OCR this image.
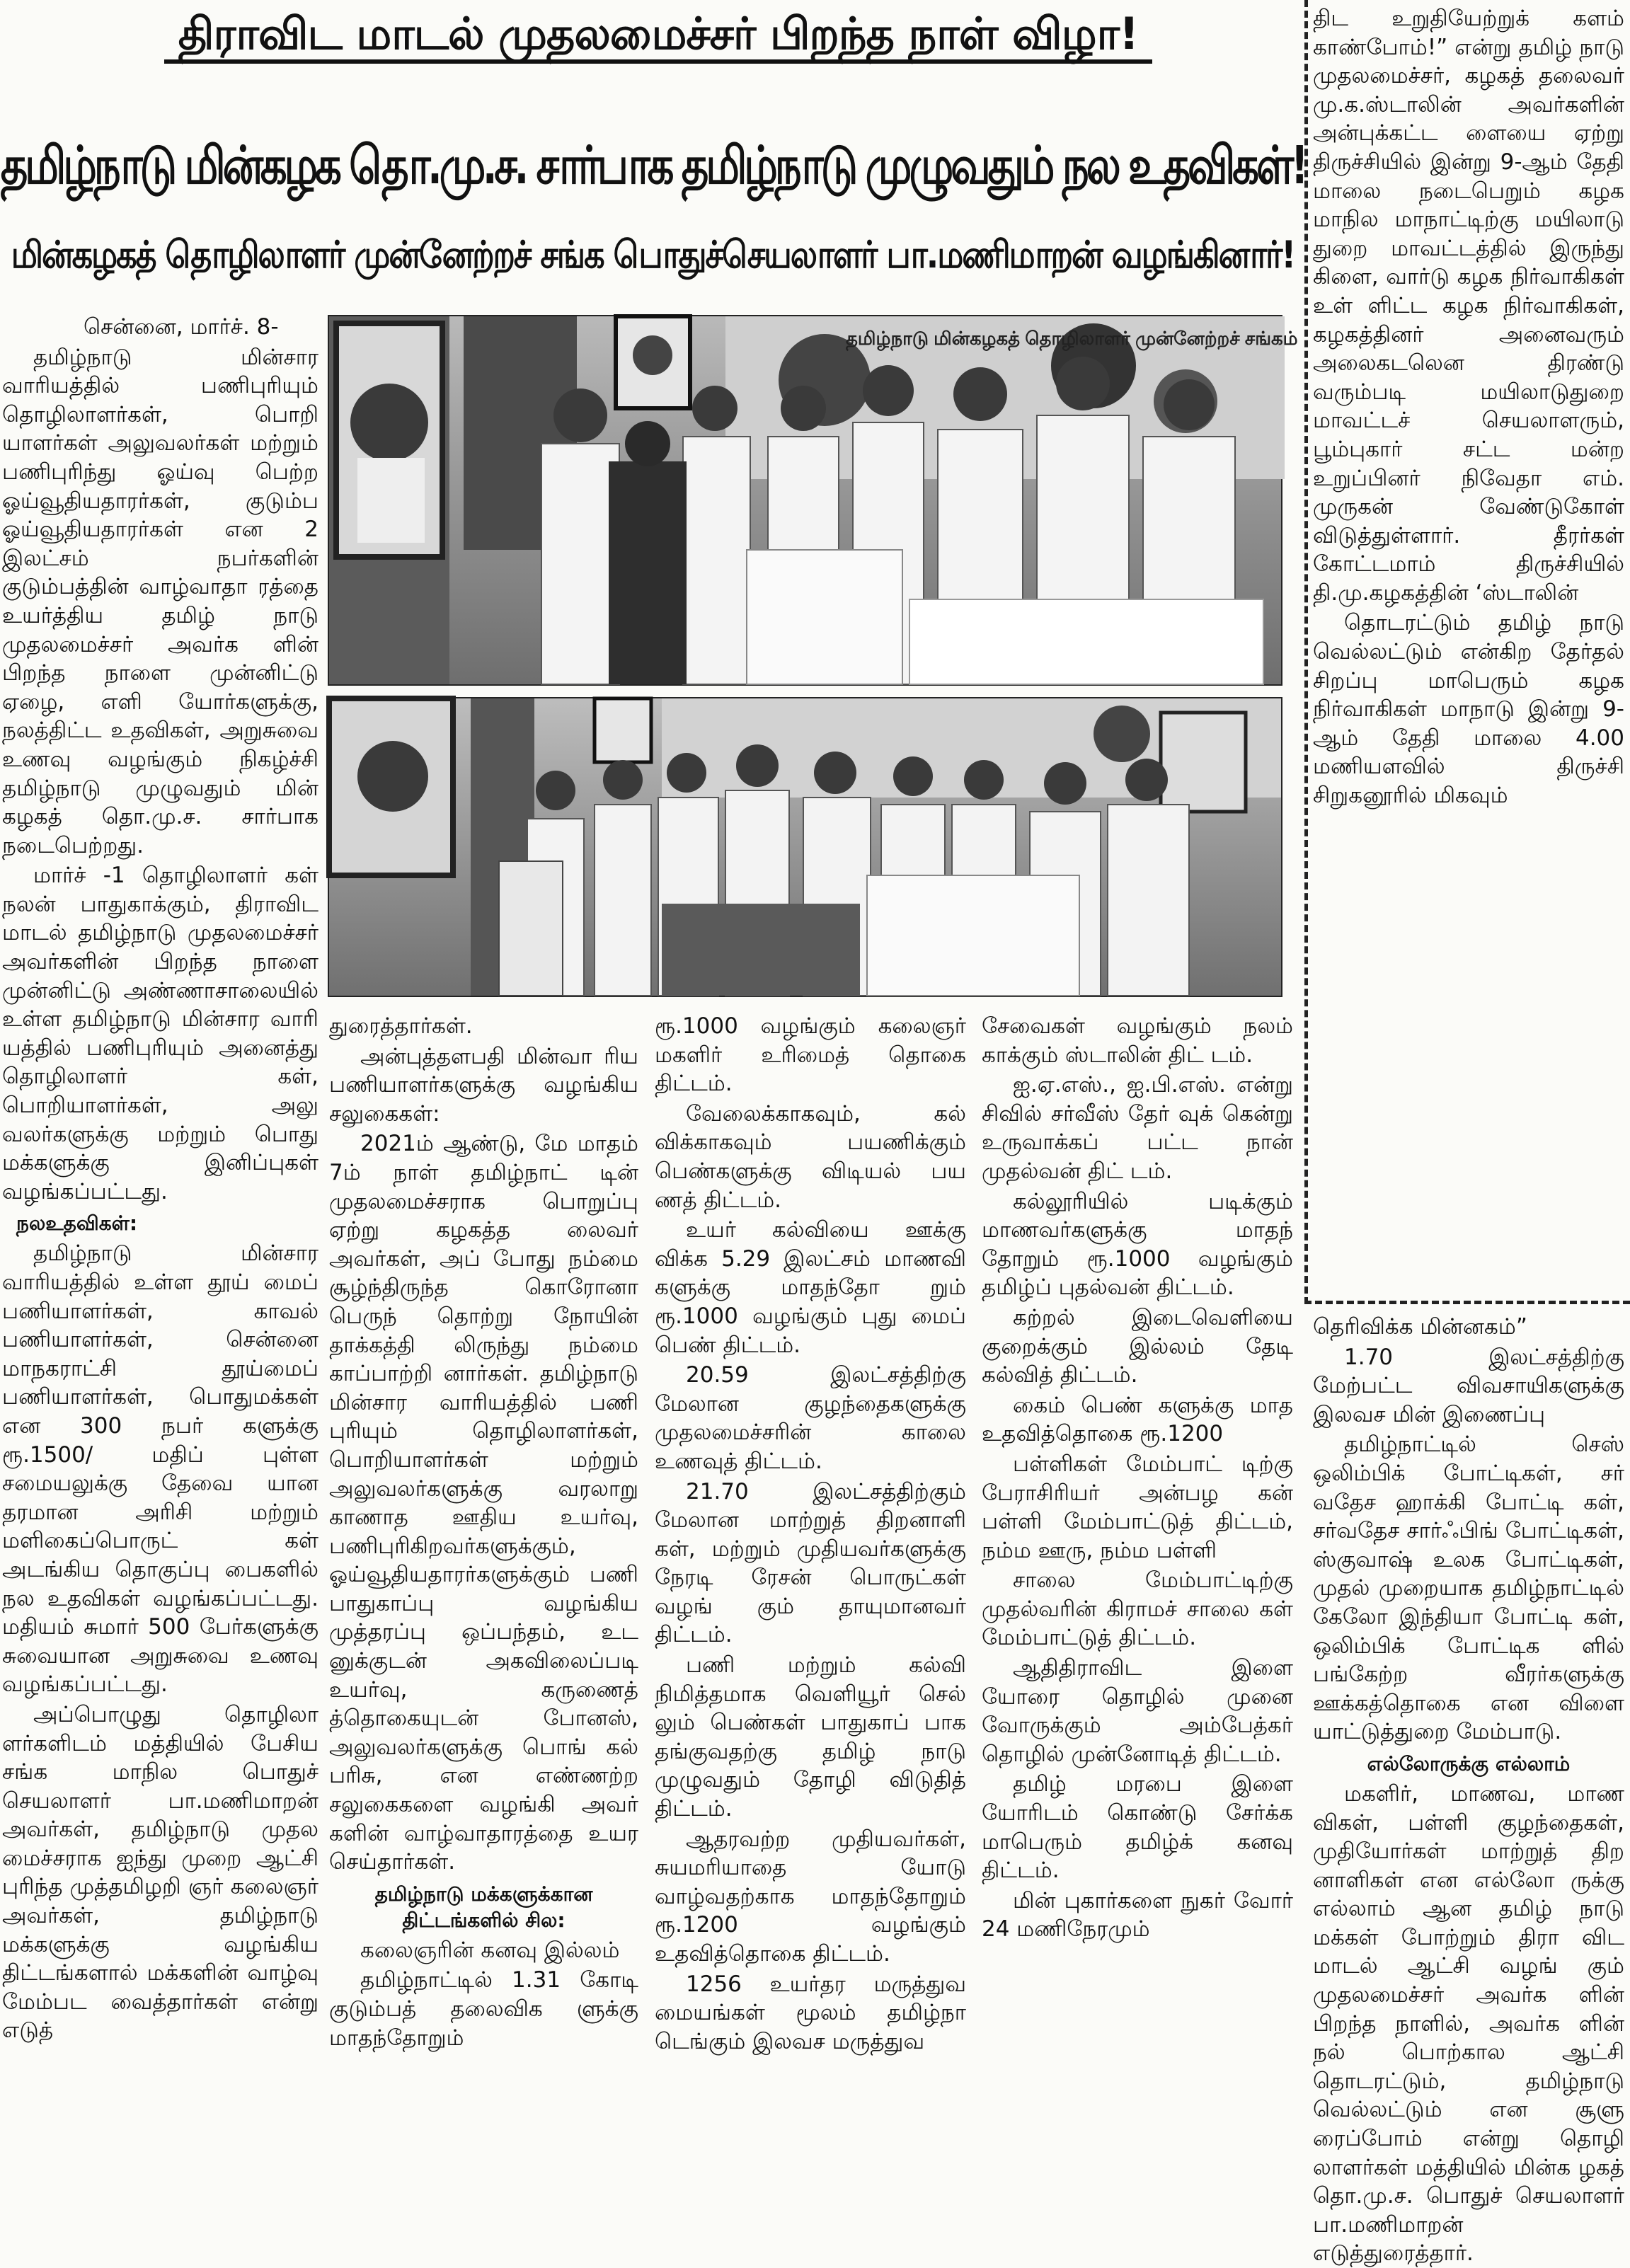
திராவிட மாடல் முதலமைச்சர் பிறந்த நாள் விழா!
தமிழ்நாடு மின்கழக தொ.மு.ச. சார்பாக தமிழ்நாடு முழுவதும் நல உதவிகள்!
மின்கழகத் தொழிலாளர் முன்னேற்றச் சங்க பொதுச்செயலாளர் பா.மணிமாறன் வழங்கினார்!
தமிழ்நாடு மின்கழகத் தொழிலாளர் முன்னேற்றச் சங்கம்

சென்னை, மார்ச். 8-

தமிழ்நாடு மின்சார வாரியத்தில் பணிபுரியும் தொழிலாளர்கள், பொறி யாளர்கள் அலுவலர்கள் மற்றும் பணிபுரிந்து ஓய்வு பெற்ற ஓய்வூதியதாரர்கள், குடும்ப ஓய்வூதியதாரர்கள் என 2 இலட்சம் நபர்களின் குடும்பத்தின் வாழ்வாதா ரத்தை உயர்த்திய தமிழ் நாடு முதலமைச்சர் அவர்க ளின் பிறந்த நாளை முன்னிட்டு ஏழை, எளி யோர்களுக்கு, நலத்திட்ட உதவிகள், அறுசுவை உணவு வழங்கும் நிகழ்ச்சி தமிழ்நாடு முழுவதும் மின் கழகத் தொ.மு.ச. சார்பாக நடைபெற்றது.

மார்ச் -1 தொழிலாளர் கள் நலன் பாதுகாக்கும், திராவிட மாடல் தமிழ்நாடு முதலமைச்சர் அவர்களின் பிறந்த நாளை முன்னிட்டு அண்ணாசாலையில் உள்ள தமிழ்நாடு மின்சார வாரி யத்தில் பணிபுரியும் அனைத்து தொழிலாளர் கள், பொறியாளர்கள், அலு வலர்களுக்கு மற்றும் பொது மக்களுக்கு இனிப்புகள் வழங்கப்பட்டது.

நலஉதவிகள்:

தமிழ்நாடு மின்சார வாரியத்தில் உள்ள தூய் மைப் பணியாளர்கள், காவல் பணியாளர்கள், சென்னை மாநகராட்சி தூய்மைப் பணியாளர்கள், பொதுமக்கள் என 300 நபர் களுக்கு ரூ.1500/ மதிப் புள்ள சமையலுக்கு தேவை யான தரமான அரிசி மற்றும் மளிகைப்பொருட் கள் அடங்கிய தொகுப்பு பைகளில் நல உதவிகள் வழங்கப்பட்டது. மதியம் சுமார் 500 பேர்களுக்கு சுவையான அறுசுவை உணவு வழங்கப்பட்டது.

அப்பொழுது தொழிலா ளர்களிடம் மத்தியில் பேசிய சங்க மாநில பொதுச் செயலாளர் பா.மணிமாறன் அவர்கள், தமிழ்நாடு முதல மைச்சராக ஐந்து முறை ஆட்சி புரிந்த முத்தமிழறி ஞர் கலைஞர் அவர்கள், தமிழ்நாடு மக்களுக்கு வழங்கிய திட்டங்களால் மக்களின் வாழ்வு மேம்பட வைத்தார்கள் என்று எடுத்

துரைத்தார்கள்.

அன்புத்தளபதி மின்வா ரிய பணியாளர்களுக்கு வழங்கிய சலுகைகள்:

2021ம் ஆண்டு, மே மாதம் 7ம் நாள் தமிழ்நாட் டின் முதலமைச்சராக பொறுப்பு ஏற்று கழகத்த லைவர் அவர்கள், அப் போது நம்மை சூழ்ந்திருந்த கொரோனா பெருந் தொற்று நோயின் தாக்கத்தி லிருந்து நம்மை காப்பாற்றி னார்கள். தமிழ்நாடு மின்சார வாரியத்தில் பணி புரியும் தொழிலாளர்கள், பொறியாளர்கள் மற்றும் அலுவலர்களுக்கு வரலாறு காணாத ஊதிய உயர்வு, பணிபுரிகிறவர்களுக்கும், ஓய்வூதியதாரர்களுக்கும் பணி பாதுகாப்பு வழங்கிய முத்தரப்பு ஒப்பந்தம், உட னுக்குடன் அகவிலைப்படி உயர்வு, கருணைத் த்தொகையுடன் போனஸ், அலுவலர்களுக்கு பொங் கல் பரிசு, என எண்ணற்ற சலுகைகளை வழங்கி அவர் களின் வாழ்வாதாரத்தை உயர செய்தார்கள்.

தமிழ்நாடு மக்களுக்கான திட்டங்களில் சில:

கலைஞரின் கனவு இல்லம்

தமிழ்நாட்டில் 1.31 கோடி குடும்பத் தலைவிக ளுக்கு மாதந்தோறும்

ரூ.1000 வழங்கும் கலைஞர் மகளிர் உரிமைத் தொகை திட்டம்.

வேலைக்காகவும், கல் விக்காகவும் பயணிக்கும் பெண்களுக்கு விடியல் பய ணத் திட்டம்.

உயர் கல்வியை ஊக்கு விக்க 5.29 இலட்சம் மாணவி களுக்கு மாதந்தோ றும் ரூ.1000 வழங்கும் புது மைப் பெண் திட்டம்.

20.59 இலட்சத்திற்கு மேலான குழந்தைகளுக்கு முதலமைச்சரின் காலை உணவுத் திட்டம்.

21.70 இலட்சத்திற்கும் மேலான மாற்றுத் திறனாளி கள், மற்றும் முதியவர்களுக்கு நேரடி ரேசன் பொருட்கள் வழங் கும் தாயுமானவர் திட்டம்.

பணி மற்றும் கல்வி நிமித்தமாக வெளியூர் செல் லும் பெண்கள் பாதுகாப் பாக தங்குவதற்கு தமிழ் நாடு முழுவதும் தோழி விடுதித் திட்டம்.

ஆதரவற்ற முதியவர்கள், சுயமரியாதை யோடு வாழ்வதற்காக மாதந்தோறும் ரூ.1200 வழங்கும் உதவித்தொகை திட்டம்.

1256 உயர்தர மருத்துவ மையங்கள் மூலம் தமிழ்நா டெங்கும் இலவச மருத்துவ

சேவைகள் வழங்கும் நலம் காக்கும் ஸ்டாலின் திட் டம்.

ஐ.ஏ.எஸ்., ஐ.பி.எஸ். என்று சிவில் சர்வீஸ் தேர் வுக் கென்று உருவாக்கப் பட்ட நான் முதல்வன் திட் டம்.

கல்லூரியில் படிக்கும் மாணவர்களுக்கு மாதந் தோறும் ரூ.1000 வழங்கும் தமிழ்ப் புதல்வன் திட்டம்.

கற்றல் இடைவெளியை குறைக்கும் இல்லம் தேடி கல்வித் திட்டம்.

கைம் பெண் களுக்கு மாத உதவித்தொகை ரூ.1200

பள்ளிகள் மேம்பாட் டிற்கு பேராசிரியர் அன்பழ கன் பள்ளி மேம்பாட்டுத் திட்டம், நம்ம ஊரு, நம்ம பள்ளி

சாலை மேம்பாட்டிற்கு முதல்வரின் கிராமச் சாலை கள் மேம்பாட்டுத் திட்டம்.

ஆதிதிராவிட இளை யோரை தொழில் முனை வோருக்கும் அம்பேத்கர் தொழில் முன்னோடித் திட்டம்.

தமிழ் மரபை இளை யோரிடம் கொண்டு சேர்க்க மாபெரும் தமிழ்க் கனவு திட்டம்.

மின் புகார்களை நுகர் வோர் 24 மணிநேரமும்

திட உறுதியேற்றுக் களம் காண்போம்!” என்று தமிழ் நாடு முதலமைச்சர், கழகத் தலைவர் மு.க.ஸ்டாலின் அவர்களின் அன்புக்கட்ட ளையை ஏற்று திருச்சியில் இன்று 9-ஆம் தேதி மாலை நடைபெறும் கழக மாநில மாநாட்டிற்கு மயிலாடு துறை மாவட்டத்தில் இருந்து கிளை, வார்டு கழக நிர்வாகிகள் உள் ளிட்ட கழக நிர்வாகிகள், கழகத்தினர் அனைவரும் அலைகடலென திரண்டு வரும்படி மயிலாடுதுறை மாவட்டச் செயலாளரும், பூம்புகார் சட்ட மன்ற உறுப்பினர் நிவேதா எம். முருகன் வேண்டுகோள் விடுத்துள்ளார். தீரர்கள் கோட்டமாம் திருச்சியில் தி.மு.கழகத்தின் ‘ஸ்டாலின்

தொடரட்டும் தமிழ் நாடு வெல்லட்டும் என்கிற தேர்தல் சிறப்பு மாபெரும் கழக நிர்வாகிகள் மாநாடு இன்று 9-ஆம் தேதி மாலை 4.00 மணியளவில் திருச்சி சிறுகனூரில் மிகவும்

தெரிவிக்க மின்னகம்”

1.70 இலட்சத்திற்கு மேற்பட்ட விவசாயிகளுக்கு இலவச மின் இணைப்பு

தமிழ்நாட்டில் செஸ் ஒலிம்பிக் போட்டிகள், சர் வதேச ஹாக்கி போட்டி கள், சர்வதேச சார்ஃபிங் போட்டிகள், ஸ்குவாஷ் உலக போட்டிகள், முதல் முறையாக தமிழ்நாட்டில் கேலோ இந்தியா போட்டி கள், ஒலிம்பிக் போட்டிக ளில் பங்கேற்ற வீரர்களுக்கு ஊக்கத்தொகை என விளை யாட்டுத்துறை மேம்பாடு.

எல்லோருக்கு எல்லாம்

மகளிர், மாணவ, மாண விகள், பள்ளி குழந்தைகள், முதியோர்கள் மாற்றுத் திற னாளிகள் என எல்லோ ருக்கு எல்லாம் ஆன தமிழ் நாடு மக்கள் போற்றும் திரா விட மாடல் ஆட்சி வழங் கும் முதலமைச்சர் அவர்க ளின் பிறந்த நாளில், அவர்க ளின் நல் பொற்கால ஆட்சி தொடரட்டும், தமிழ்நாடு வெல்லட்டும் என சூளு ரைப்போம் என்று தொழி லாளர்கள் மத்தியில் மின்க ழகத் தொ.மு.ச. பொதுச் செயலாளர் பா.மணிமாறன் எடுத்துரைத்தார்.
